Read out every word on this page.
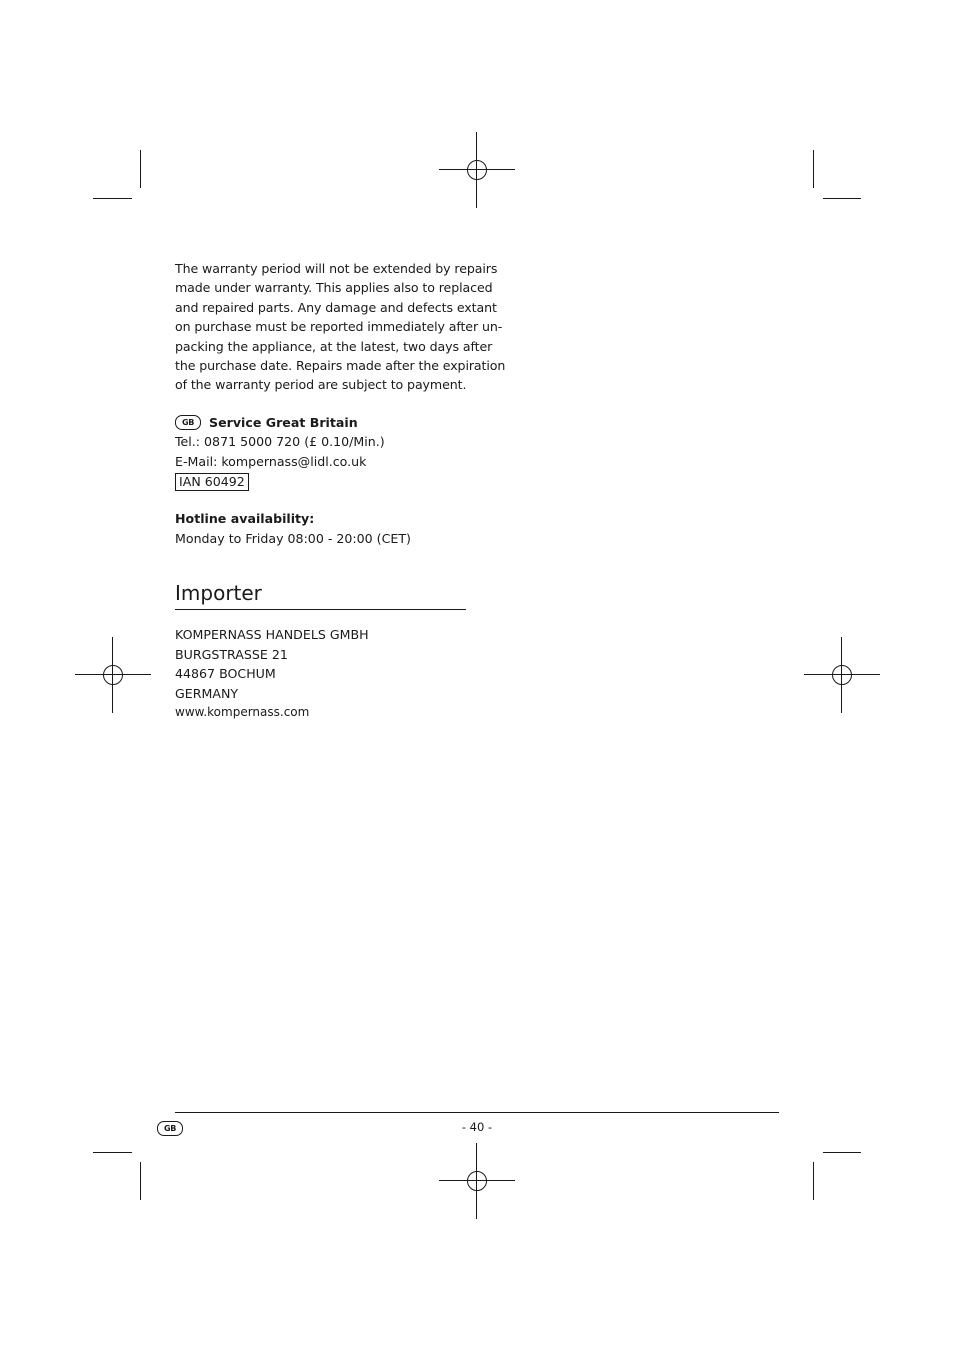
The warranty period will not be extended by repairs
made under warranty. This applies also to replaced
and repaired parts. Any damage and defects extant
on purchase must be reported immediately after un-
packing the appliance, at the latest, two days after
the purchase date. Repairs made after the expiration
of the warranty period are subject to payment.
GB Service Great Britain
Tel.: 0871 5000 720 (£ 0.10/Min.)
E-Mail: kompernass@lidl.co.uk
IAN 60492
Hotline availability:
Monday to Friday 08:00 - 20:00 (CET)
Importer
KOMPERNASS HANDELS GMBH
BURGSTRASSE 21
44867 BOCHUM
GERMANY
www.kompernass.com
GB	- 40 -
